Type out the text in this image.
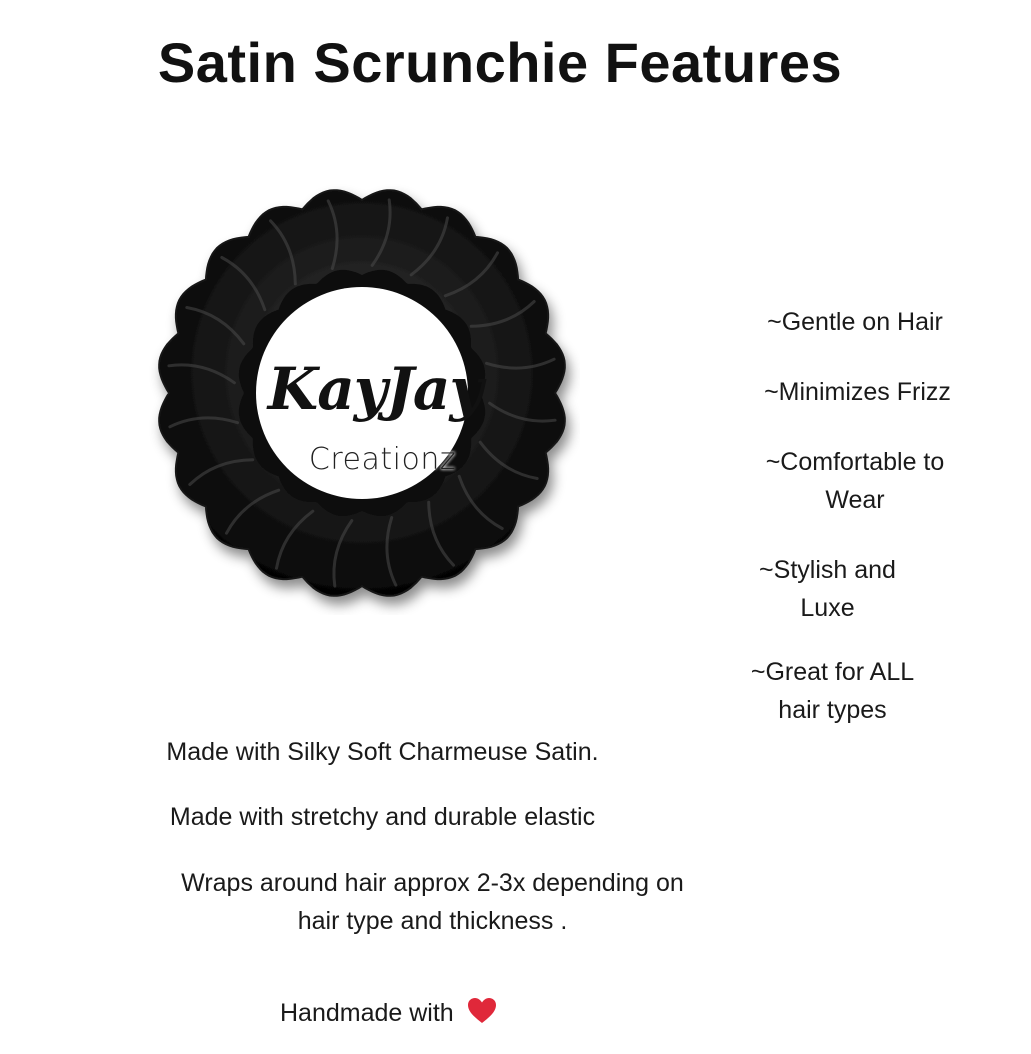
Satin Scrunchie Features
KayJay
Creationz
~Gentle on Hair
~Minimizes Frizz
~Comfortable to
Wear
~Stylish and
Luxe
~Great for ALL
hair types
Made with Silky Soft Charmeuse Satin.
Made with stretchy and durable elastic
Wraps around hair approx 2-3x depending on
hair type and thickness .
Handmade with
